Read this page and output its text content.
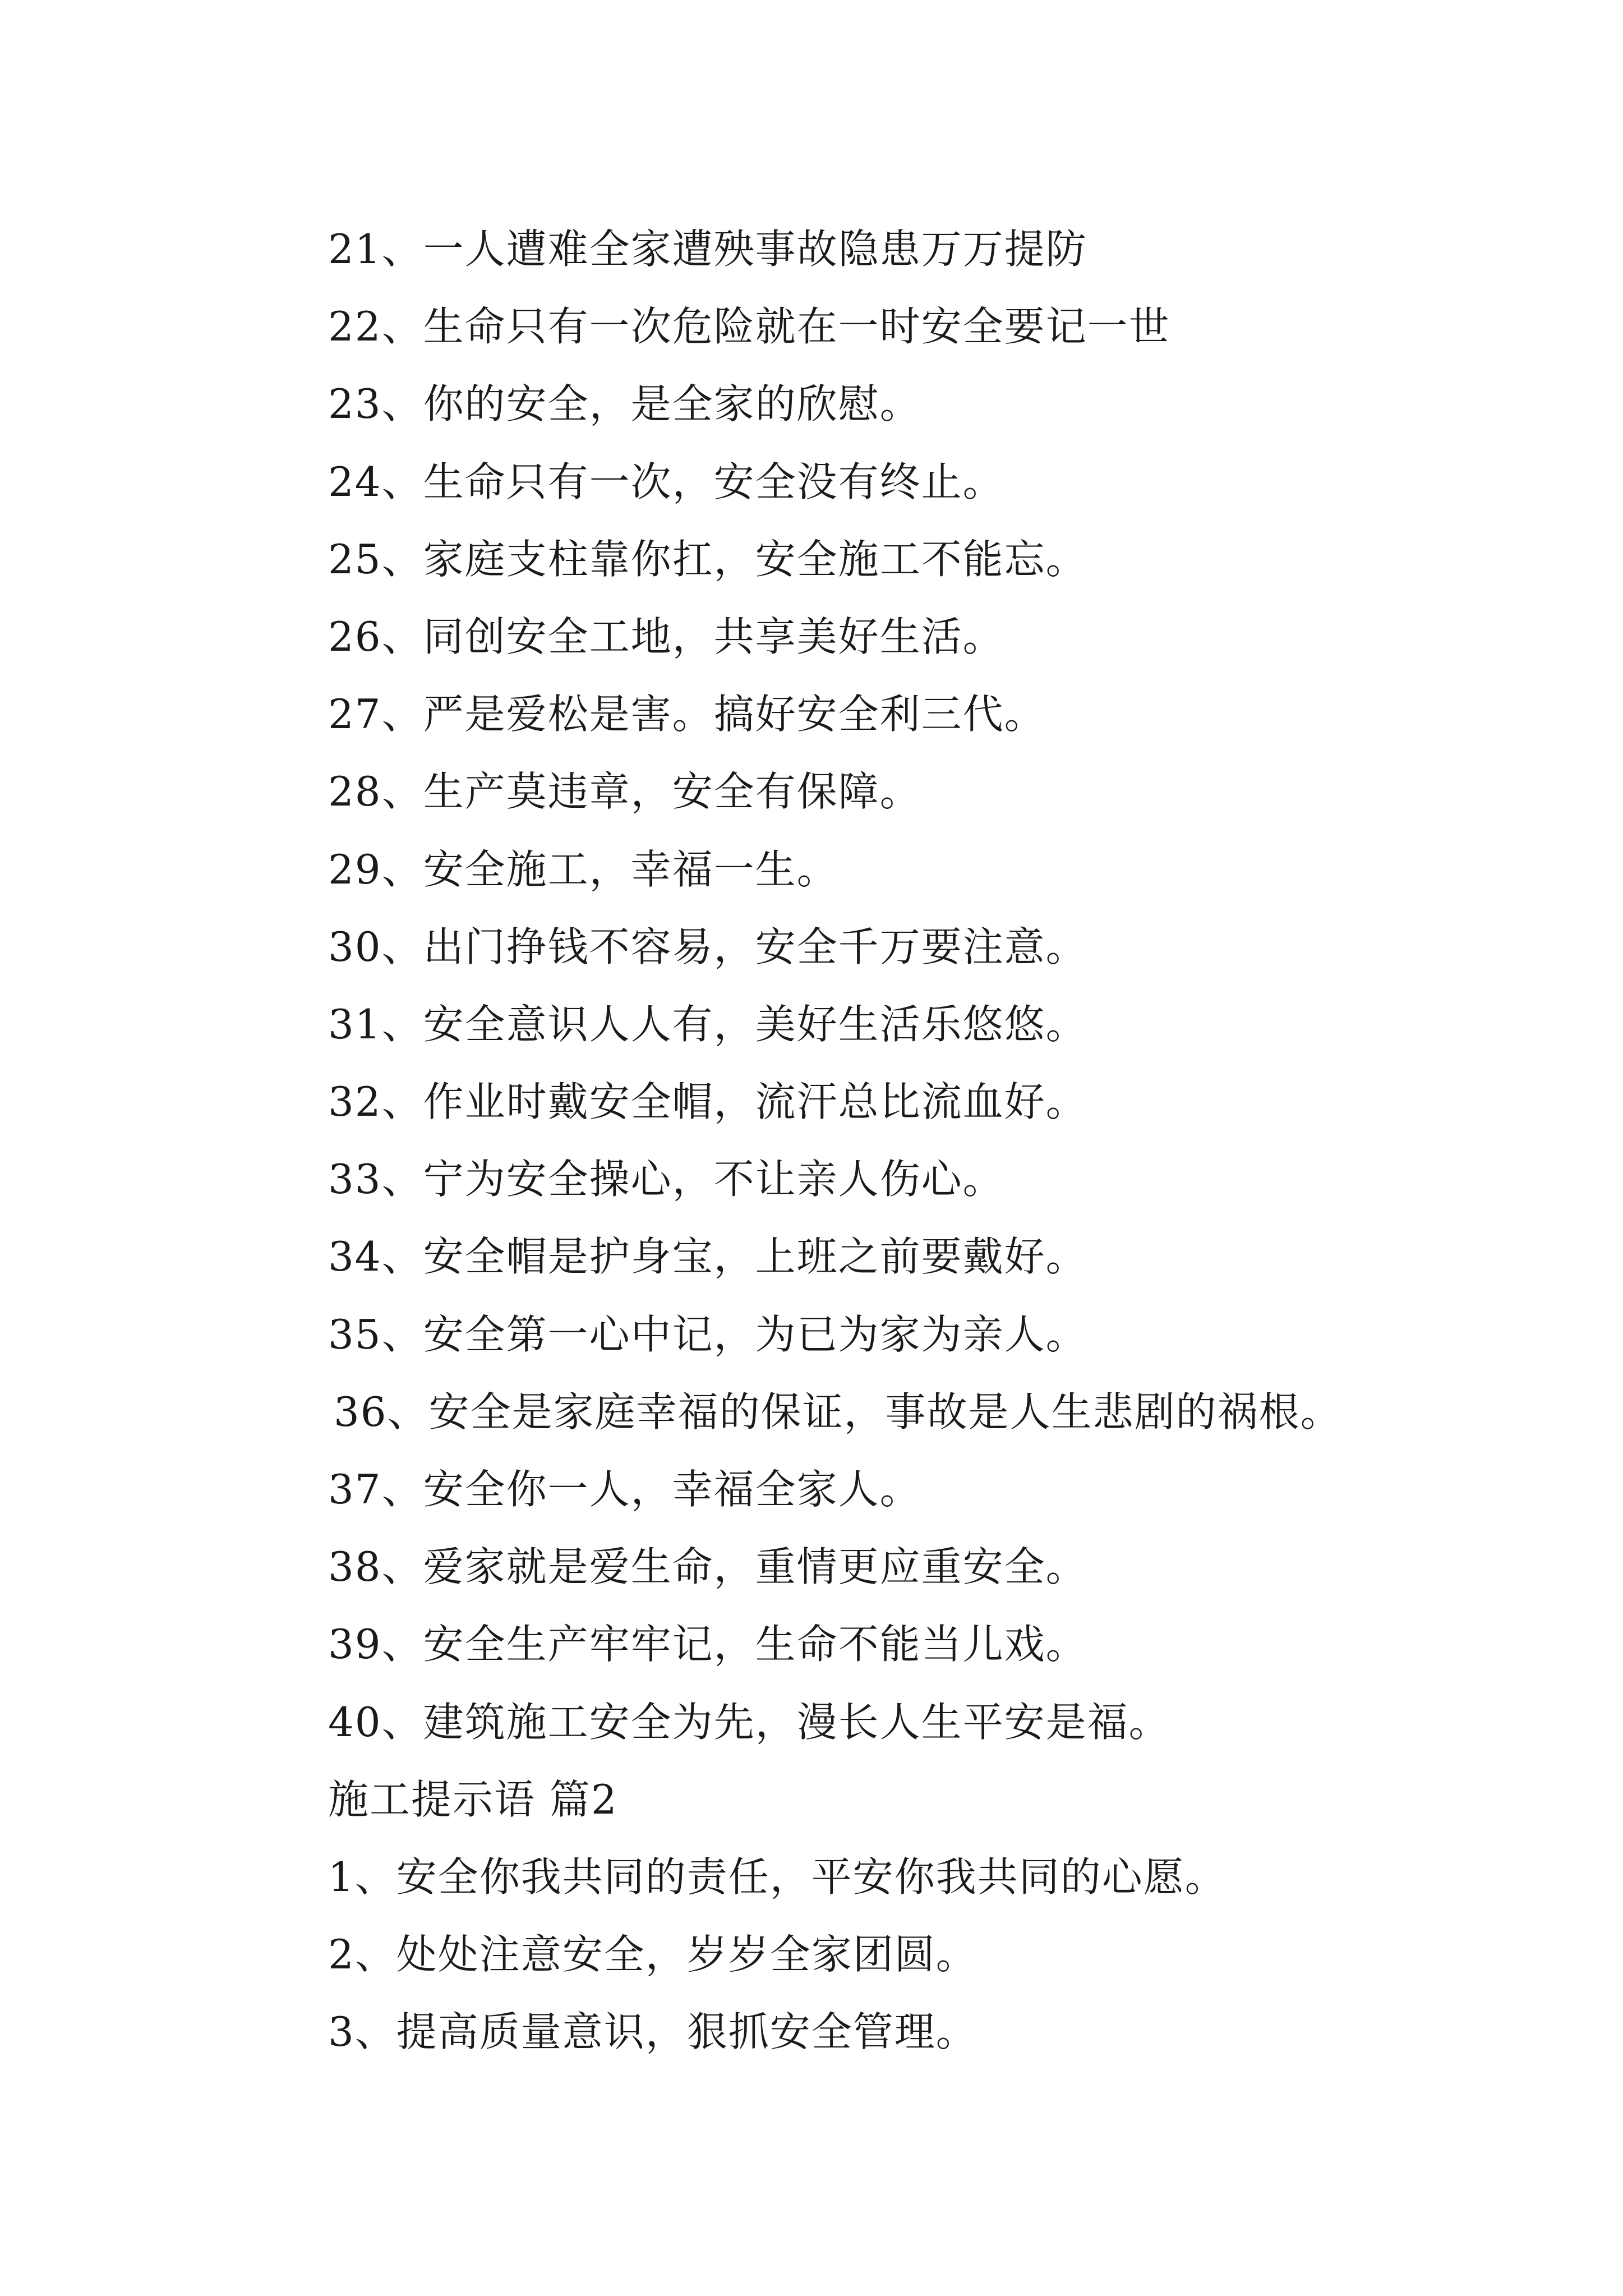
21、一人遭难全家遭殃事故隐患万万提防
22、生命只有一次危险就在一时安全要记一世
23、你的安全，是全家的欣慰。
24、生命只有一次，安全没有终止。
25、家庭支柱靠你扛，安全施工不能忘。
26、同创安全工地，共享美好生活。
27、严是爱松是害。搞好安全利三代。
28、生产莫违章，安全有保障。
29、安全施工，幸福一生。
30、出门挣钱不容易，安全千万要注意。
31、安全意识人人有，美好生活乐悠悠。
32、作业时戴安全帽，流汗总比流血好。
33、宁为安全操心，不让亲人伤心。
34、安全帽是护身宝，上班之前要戴好。
35、安全第一心中记，为已为家为亲人。
36、安全是家庭幸福的保证，事故是人生悲剧的祸根。
37、安全你一人，幸福全家人。
38、爱家就是爱生命，重情更应重安全。
39、安全生产牢牢记，生命不能当儿戏。
40、建筑施工安全为先，漫长人生平安是福。
施工提示语 篇2
1、安全你我共同的责任，平安你我共同的心愿。
2、处处注意安全，岁岁全家团圆。
3、提高质量意识，狠抓安全管理。
